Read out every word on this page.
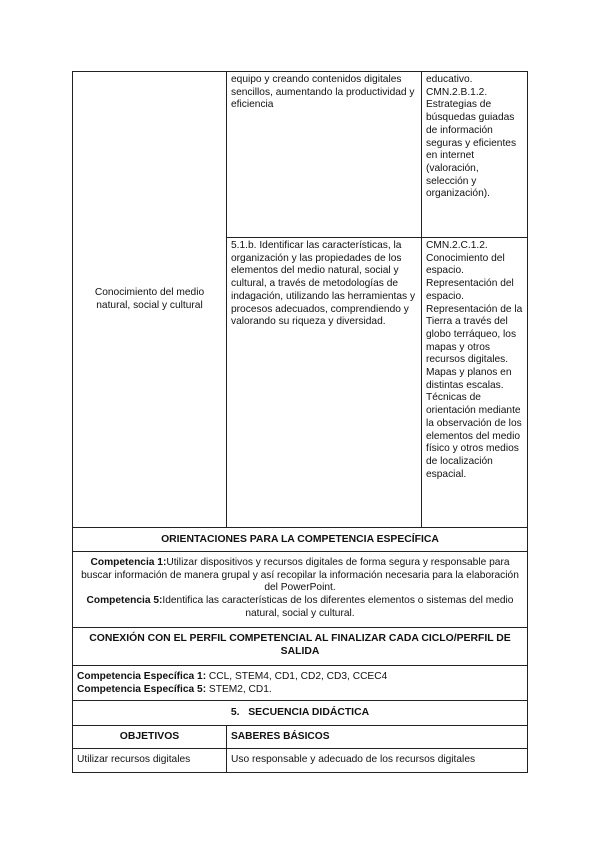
Conocimiento del medio natural, social y cultural
equipo y creando contenidos digitales sencillos, aumentando la productividad y eficiencia
educativo. CMN.2.B.1.2. Estrategias de búsquedas guiadas de información seguras y eficientes en internet (valoración, selección y organización).
5.1.b. Identificar las características, la organización y las propiedades de los elementos del medio natural, social y cultural, a través de metodologías de indagación, utilizando las herramientas y procesos adecuados, comprendiendo y valorando su riqueza y diversidad.
CMN.2.C.1.2. Conocimiento del espacio. Representación del espacio. Representación de la Tierra a través del globo terráqueo, los mapas y otros recursos digitales. Mapas y planos en distintas escalas. Técnicas de orientación mediante la observación de los elementos del medio físico y otros medios de localización espacial.
ORIENTACIONES PARA LA COMPETENCIA ESPECÍFICA
Competencia 1:Utilizar dispositivos y recursos digitales de forma segura y responsable para buscar información de manera grupal y así recopilar la información necesaria para la elaboración del PowerPoint.
Competencia 5:Identifica las características de los diferentes elementos o sistemas del medio natural, social y cultural.
CONEXIÓN CON EL PERFIL COMPETENCIAL AL FINALIZAR CADA CICLO/PERFIL DE SALIDA
Competencia Específica 1: CCL, STEM4, CD1, CD2, CD3, CCEC4
Competencia Específica 5: STEM2, CD1.
5.   SECUENCIA DIDÁCTICA
OBJETIVOS	SABERES BÁSICOS
Utilizar recursos digitales	Uso responsable y adecuado de los recursos digitales
